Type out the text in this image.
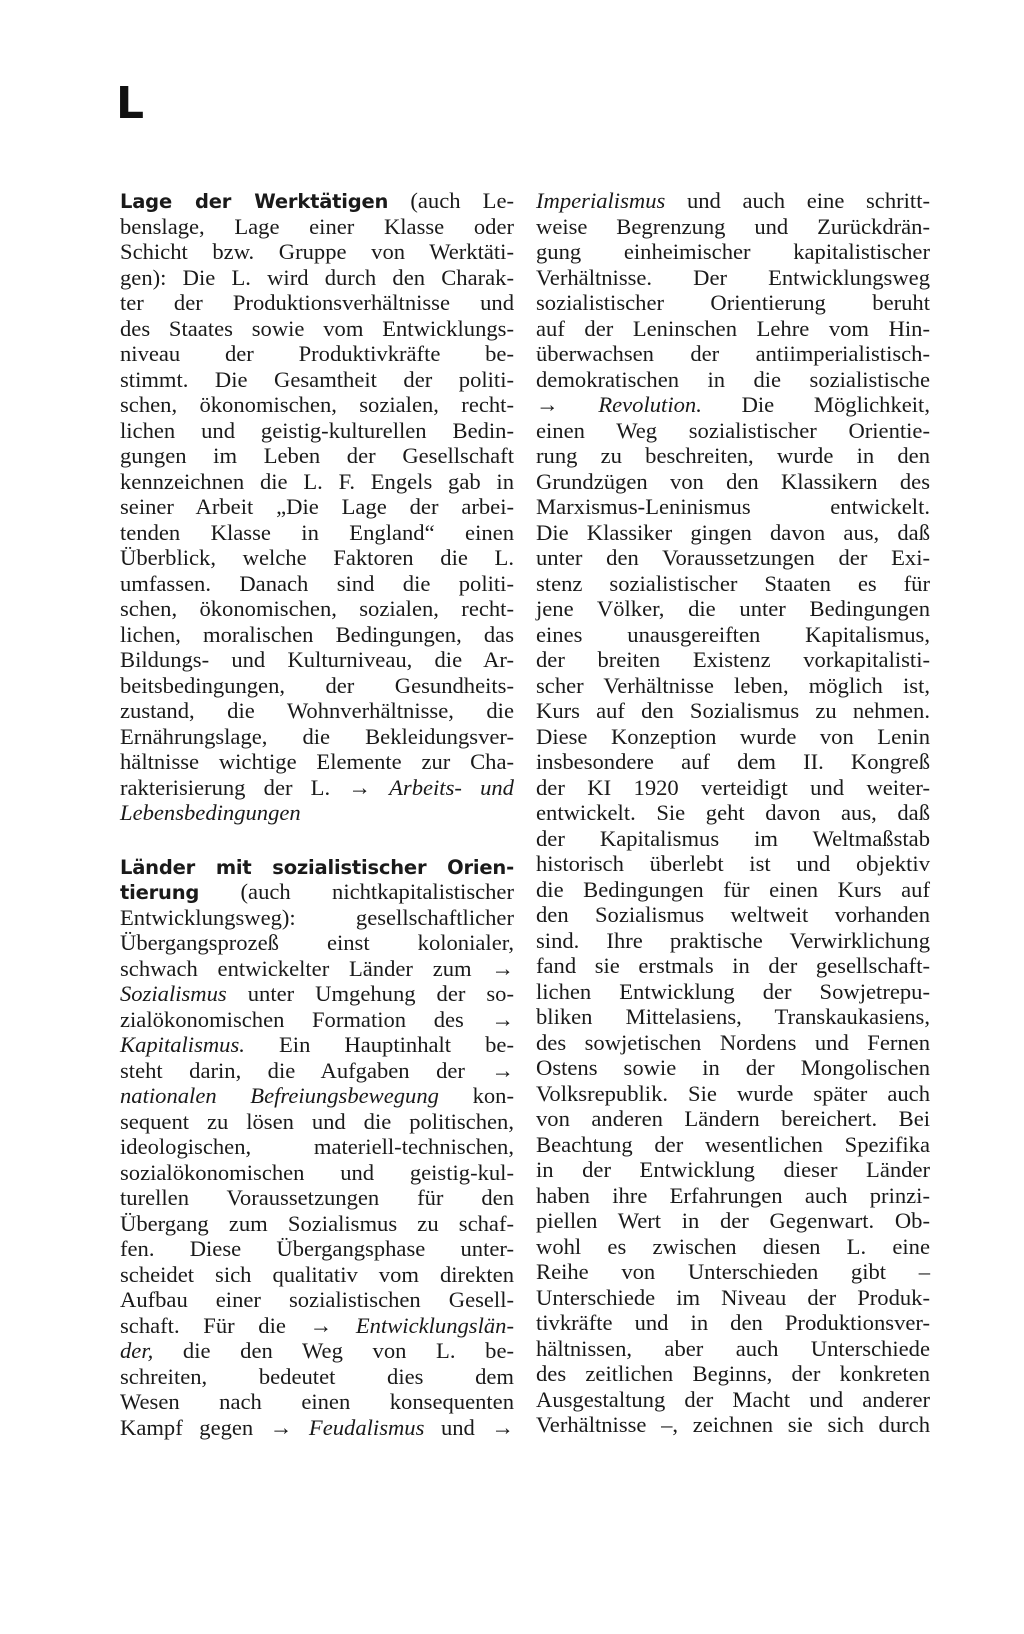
L
Lage der Werktätigen (auch Le-
benslage, Lage einer Klasse oder
Schicht bzw. Gruppe von Werktäti-
gen): Die L. wird durch den Charak-
ter der Produktionsverhältnisse und
des Staates sowie vom Entwicklungs-
niveau der Produktivkräfte be-
stimmt. Die Gesamtheit der politi-
schen, ökonomischen, sozialen, recht-
lichen und geistig-kulturellen Bedin-
gungen im Leben der Gesellschaft
kennzeichnen die L. F. Engels gab in
seiner Arbeit „Die Lage der arbei-
tenden Klasse in England“ einen
Überblick, welche Faktoren die L.
umfassen. Danach sind die politi-
schen, ökonomischen, sozialen, recht-
lichen, moralischen Bedingungen, das
Bildungs- und Kulturniveau, die Ar-
beitsbedingungen, der Gesundheits-
zustand, die Wohnverhältnisse, die
Ernährungslage, die Bekleidungsver-
hältnisse wichtige Elemente zur Cha-
rakterisierung der L. → Arbeits- und
Lebensbedingungen
Länder mit sozialistischer Orien-
tierung (auch nichtkapitalistischer
Entwicklungsweg): gesellschaftlicher
Übergangsprozeß einst kolonialer,
schwach entwickelter Länder zum →
Sozialismus unter Umgehung der so-
zialökonomischen Formation des →
Kapitalismus. Ein Hauptinhalt be-
steht darin, die Aufgaben der →
nationalen Befreiungsbewegung kon-
sequent zu lösen und die politischen,
ideologischen, materiell-technischen,
sozialökonomischen und geistig-kul-
turellen Voraussetzungen für den
Übergang zum Sozialismus zu schaf-
fen. Diese Übergangsphase unter-
scheidet sich qualitativ vom direkten
Aufbau einer sozialistischen Gesell-
schaft. Für die → Entwicklungslän-
der, die den Weg von L. be-
schreiten, bedeutet dies dem
Wesen nach einen konsequenten
Kampf gegen → Feudalismus und →
Imperialismus und auch eine schritt-
weise Begrenzung und Zurückdrän-
gung einheimischer kapitalistischer
Verhältnisse. Der Entwicklungsweg
sozialistischer Orientierung beruht
auf der Leninschen Lehre vom Hin-
überwachsen der antiimperialistisch-
demokratischen in die sozialistische
→ Revolution. Die Möglichkeit,
einen Weg sozialistischer Orientie-
rung zu beschreiten, wurde in den
Grundzügen von den Klassikern des
Marxismus-Leninismus entwickelt.
Die Klassiker gingen davon aus, daß
unter den Voraussetzungen der Exi-
stenz sozialistischer Staaten es für
jene Völker, die unter Bedingungen
eines unausgereiften Kapitalismus,
der breiten Existenz vorkapitalisti-
scher Verhältnisse leben, möglich ist,
Kurs auf den Sozialismus zu nehmen.
Diese Konzeption wurde von Lenin
insbesondere auf dem II. Kongreß
der KI 1920 verteidigt und weiter-
entwickelt. Sie geht davon aus, daß
der Kapitalismus im Weltmaßstab
historisch überlebt ist und objektiv
die Bedingungen für einen Kurs auf
den Sozialismus weltweit vorhanden
sind. Ihre praktische Verwirklichung
fand sie erstmals in der gesellschaft-
lichen Entwicklung der Sowjetrepu-
bliken Mittelasiens, Transkaukasiens,
des sowjetischen Nordens und Fernen
Ostens sowie in der Mongolischen
Volksrepublik. Sie wurde später auch
von anderen Ländern bereichert. Bei
Beachtung der wesentlichen Spezifika
in der Entwicklung dieser Länder
haben ihre Erfahrungen auch prinzi-
piellen Wert in der Gegenwart. Ob-
wohl es zwischen diesen L. eine
Reihe von Unterschieden gibt –
Unterschiede im Niveau der Produk-
tivkräfte und in den Produktionsver-
hältnissen, aber auch Unterschiede
des zeitlichen Beginns, der konkreten
Ausgestaltung der Macht und anderer
Verhältnisse –, zeichnen sie sich durch
